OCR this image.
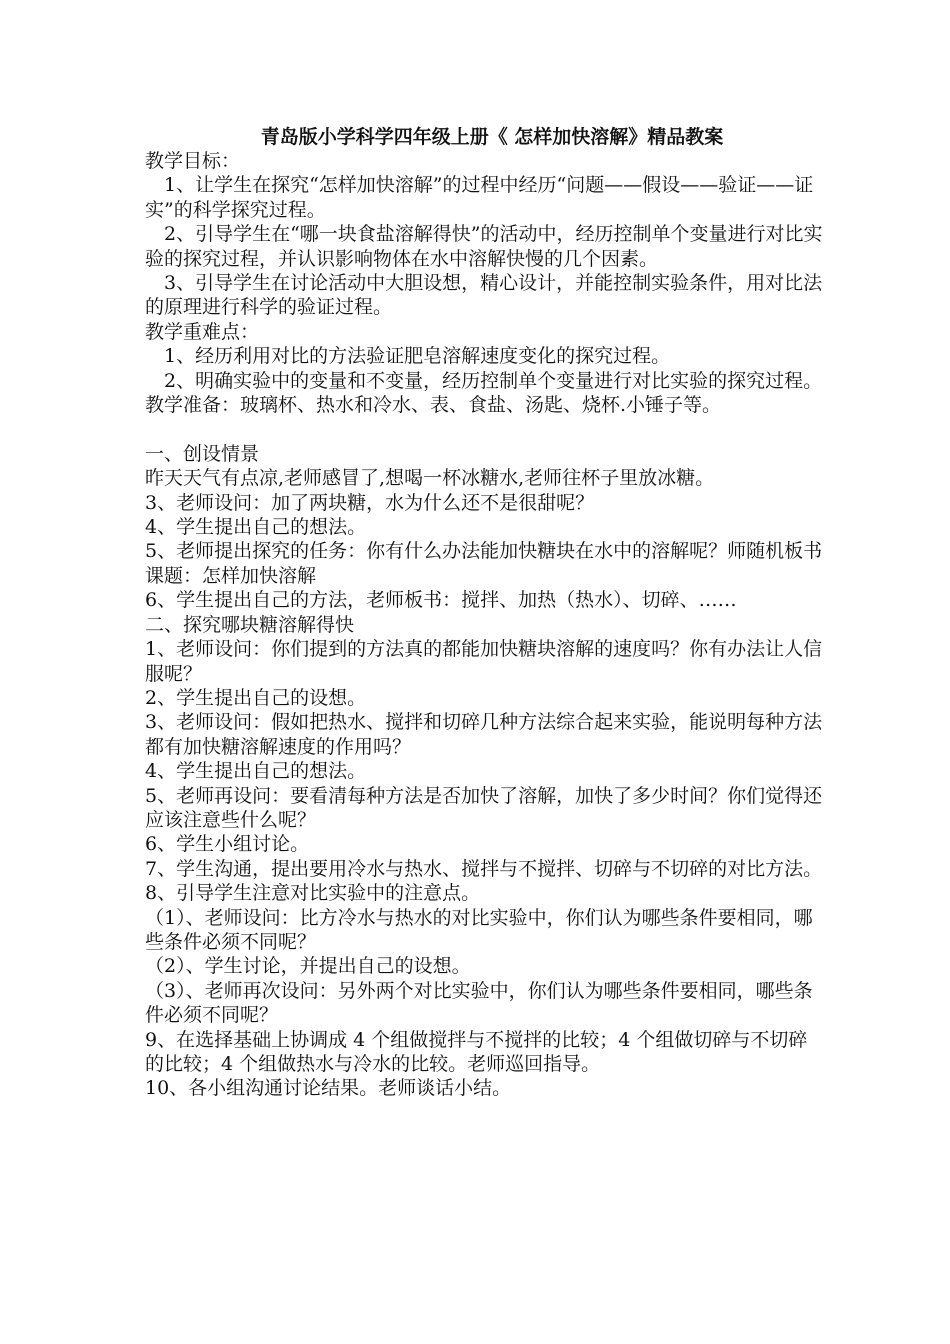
青岛版小学科学四年级上册《 怎样加快溶解》精品教案

教学目标：

1、让学生在探究“怎样加快溶解”的过程中经历“问题——假设——验证——证实”的科学探究过程。

2、引导学生在“哪一块食盐溶解得快”的活动中，经历控制单个变量进行对比实验的探究过程，并认识影响物体在水中溶解快慢的几个因素。

3、引导学生在讨论活动中大胆设想，精心设计，并能控制实验条件，用对比法的原理进行科学的验证过程。

教学重难点：

1、经历利用对比的方法验证肥皂溶解速度变化的探究过程。

2、明确实验中的变量和不变量，经历控制单个变量进行对比实验的探究过程。

教学准备：玻璃杯、热水和冷水、表、食盐、汤匙、烧杯.小锤子等。

一、创设情景

昨天天气有点凉,老师感冒了,想喝一杯冰糖水,老师往杯子里放冰糖。

3、老师设问：加了两块糖，水为什么还不是很甜呢？

4、学生提出自己的想法。

5、老师提出探究的任务：你有什么办法能加快糖块在水中的溶解呢？师随机板书课题：怎样加快溶解

6、学生提出自己的方法，老师板书：搅拌、加热（热水）、切碎、……

二、探究哪块糖溶解得快

1、老师设问：你们提到的方法真的都能加快糖块溶解的速度吗？你有办法让人信服呢？

2、学生提出自己的设想。

3、老师设问：假如把热水、搅拌和切碎几种方法综合起来实验，能说明每种方法都有加快糖溶解速度的作用吗？

4、学生提出自己的想法。

5、老师再设问：要看清每种方法是否加快了溶解，加快了多少时间？你们觉得还应该注意些什么呢？

6、学生小组讨论。

7、学生沟通，提出要用冷水与热水、搅拌与不搅拌、切碎与不切碎的对比方法。

8、引导学生注意对比实验中的注意点。

（1）、老师设问：比方冷水与热水的对比实验中，你们认为哪些条件要相同，哪些条件必须不同呢？

（2）、学生讨论，并提出自己的设想。

（3）、老师再次设问：另外两个对比实验中，你们认为哪些条件要相同，哪些条件必须不同呢？

9、在选择基础上协调成 4 个组做搅拌与不搅拌的比较；4 个组做切碎与不切碎的比较；4 个组做热水与冷水的比较。老师巡回指导。

10、各小组沟通讨论结果。老师谈话小结。
